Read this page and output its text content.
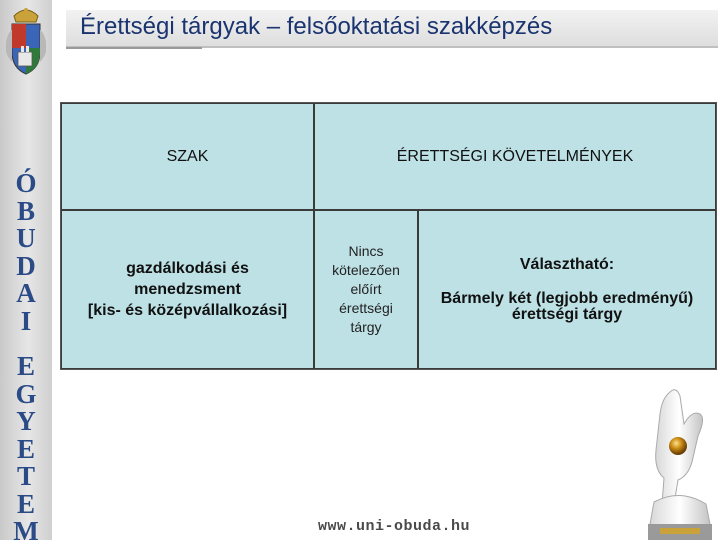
Ó
B
U
D
A
I
E
G
Y
E
T
E
M
Érettségi tárgyak – felsőoktatási szakképzés
SZAK	ÉRETTSÉGI KÖVETELMÉNYEK
gazdálkodási és
menedzsment
[kis- és középvállalkozási]
Nincs
kötelezően
előírt
érettségi
tárgy
Választható:
Bármely két (legjobb eredményű)
érettségi tárgy
www.uni-obuda.hu
